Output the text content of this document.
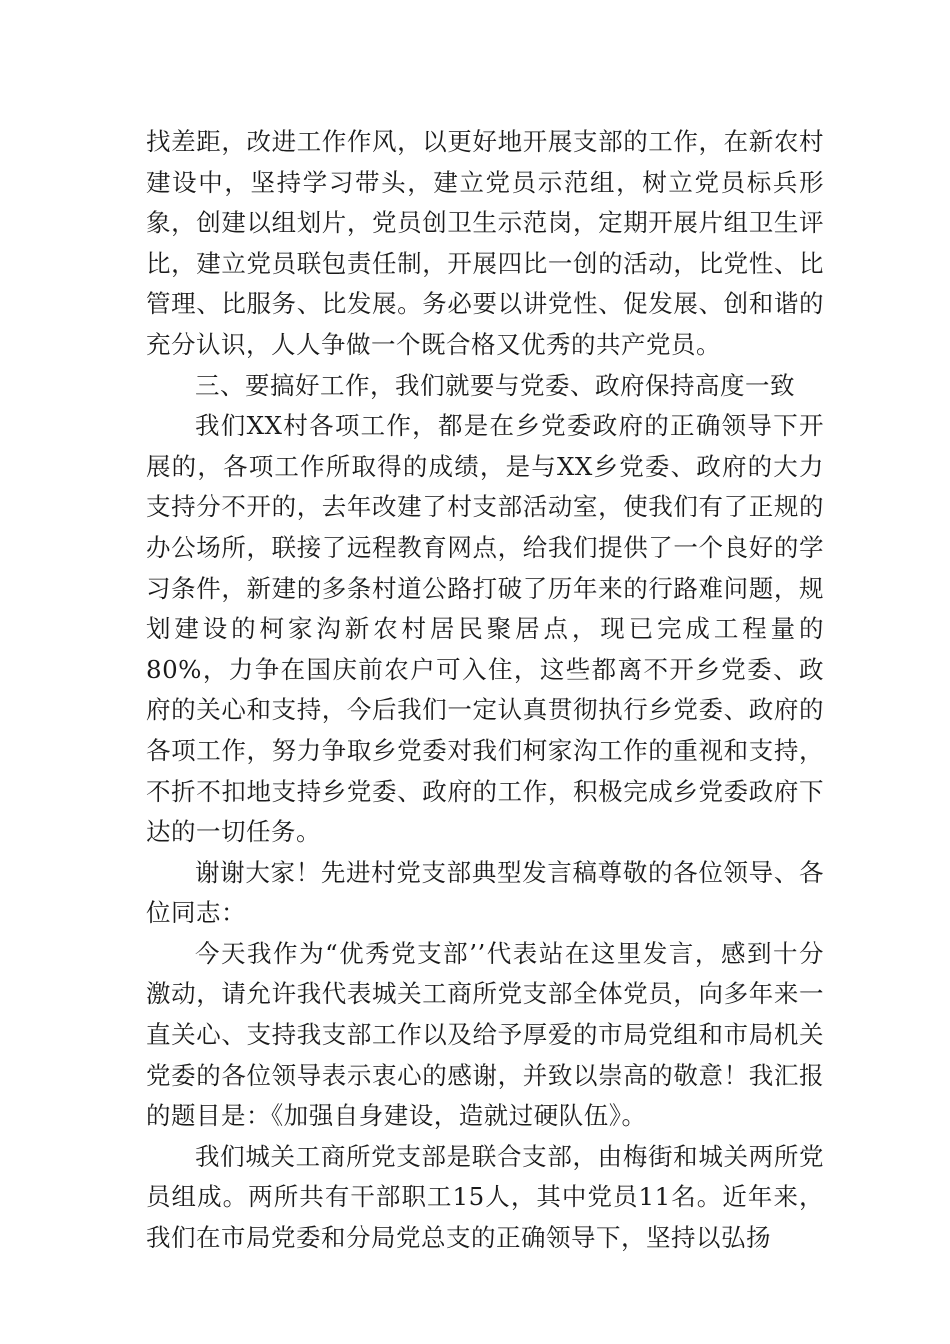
找差距，改进工作作风，以更好地开展支部的工作，在新农村建设中，坚持学习带头，建立党员示范组，树立党员标兵形象，创建以组划片，党员创卫生示范岗，定期开展片组卫生评比，建立党员联包责任制，开展四比一创的活动，比党性、比管理、比服务、比发展。务必要以讲党性、促发展、创和谐的充分认识，人人争做一个既合格又优秀的共产党员。

三、要搞好工作，我们就要与党委、政府保持高度一致

我们XX村各项工作，都是在乡党委政府的正确领导下开展的，各项工作所取得的成绩，是与XX乡党委、政府的大力支持分不开的，去年改建了村支部活动室，使我们有了正规的办公场所，联接了远程教育网点，给我们提供了一个良好的学习条件，新建的多条村道公路打破了历年来的行路难问题，规划建设的柯家沟新农村居民聚居点，现已完成工程量的80%，力争在国庆前农户可入住，这些都离不开乡党委、政府的关心和支持，今后我们一定认真贯彻执行乡党委、政府的各项工作，努力争取乡党委对我们柯家沟工作的重视和支持，不折不扣地支持乡党委、政府的工作，积极完成乡党委政府下达的一切任务。

谢谢大家！先进村党支部典型发言稿尊敬的各位领导、各位同志：

今天我作为“优秀党支部’’代表站在这里发言，感到十分激动，请允许我代表城关工商所党支部全体党员，向多年来一直关心、支持我支部工作以及给予厚爱的市局党组和市局机关党委的各位领导表示衷心的感谢，并致以崇高的敬意！我汇报的题目是：《加强自身建设，造就过硬队伍》。

我们城关工商所党支部是联合支部，由梅街和城关两所党员组成。两所共有干部职工15人，其中党员11名。近年来，我们在市局党委和分局党总支的正确领导下，坚持以弘扬
